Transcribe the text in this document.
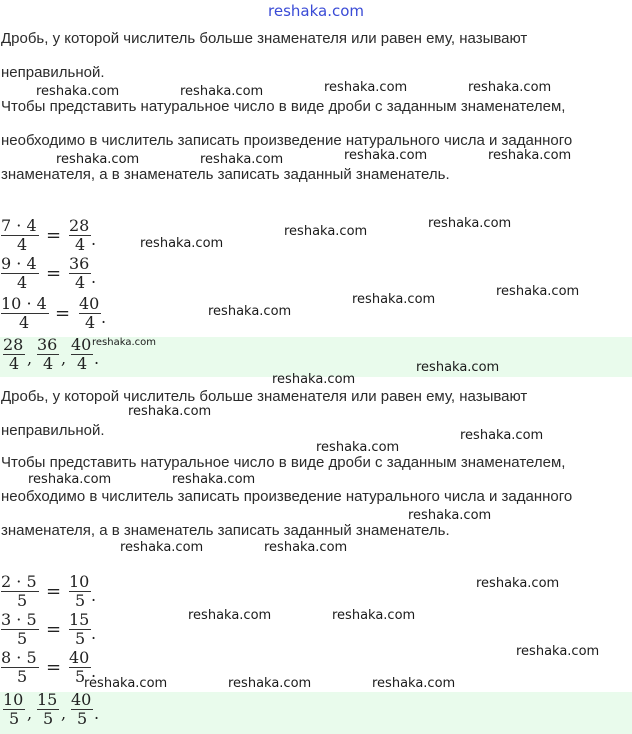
reshaka.com

Дробь, у которой числитель больше знаменателя или равен ему, называют неправильной.

Чтобы представить натуральное число в виде дроби с заданным знаменателем, необходимо в числитель записать произведение натурального числа и заданного знаменателя, а в знаменатель записать заданный знаменатель.

7 · 4
4 = 28
4 .
9 · 4
4 = 36
4 .
10 · 4
4 = 40
4 .
28
4 ,
36
4 ,
40
4 .

Дробь, у которой числитель больше знаменателя или равен ему, называют неправильной.

Чтобы представить натуральное число в виде дроби с заданным знаменателем, необходимо в числитель записать произведение натурального числа и заданного знаменателя, а в знаменатель записать заданный знаменатель.

2 · 5
5 = 10
5 .
3 · 5
5 = 15
5 .
8 · 5
5 = 40
5 .
10
5 ,
15
5 ,
40
5 .
reshaka.com	reshaka.com	reshaka.com	reshaka.com
reshaka.com	reshaka.com	reshaka.com	reshaka.com
reshaka.com
reshaka.com
reshaka.com
reshaka.com
reshaka.com
reshaka.com
reshaka.com
reshaka.com
reshaka.com
reshaka.com
reshaka.com
reshaka.com
reshaka.com	reshaka.com
reshaka.com
reshaka.com	reshaka.com
reshaka.com
reshaka.com	reshaka.com
reshaka.com
reshaka.com	reshaka.com	reshaka.com
